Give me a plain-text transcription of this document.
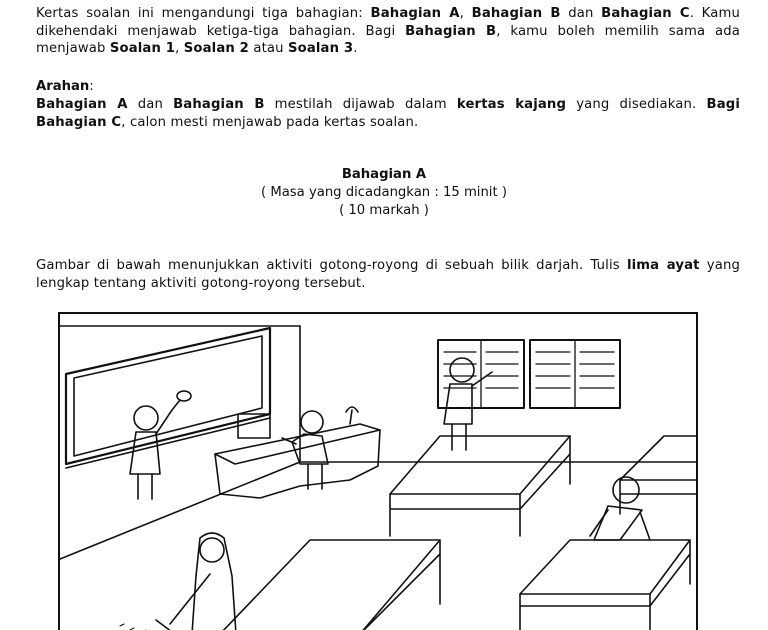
Kertas soalan ini mengandungi tiga bahagian: Bahagian A, Bahagian B dan Bahagian C. Kamu dikehendaki menjawab ketiga-tiga bahagian. Bagi Bahagian B, kamu boleh memilih sama ada menjawab Soalan 1, Soalan 2 atau Soalan 3.
Arahan:
Bahagian A dan Bahagian B mestilah dijawab dalam kertas kajang yang disediakan. Bagi Bahagian C, calon mesti menjawab pada kertas soalan.
Bahagian A
( Masa yang dicadangkan : 15 minit )
( 10 markah )
Gambar di bawah menunjukkan aktiviti gotong-royong di sebuah bilik darjah. Tulis lima ayat yang lengkap tentang aktiviti gotong-royong tersebut.
